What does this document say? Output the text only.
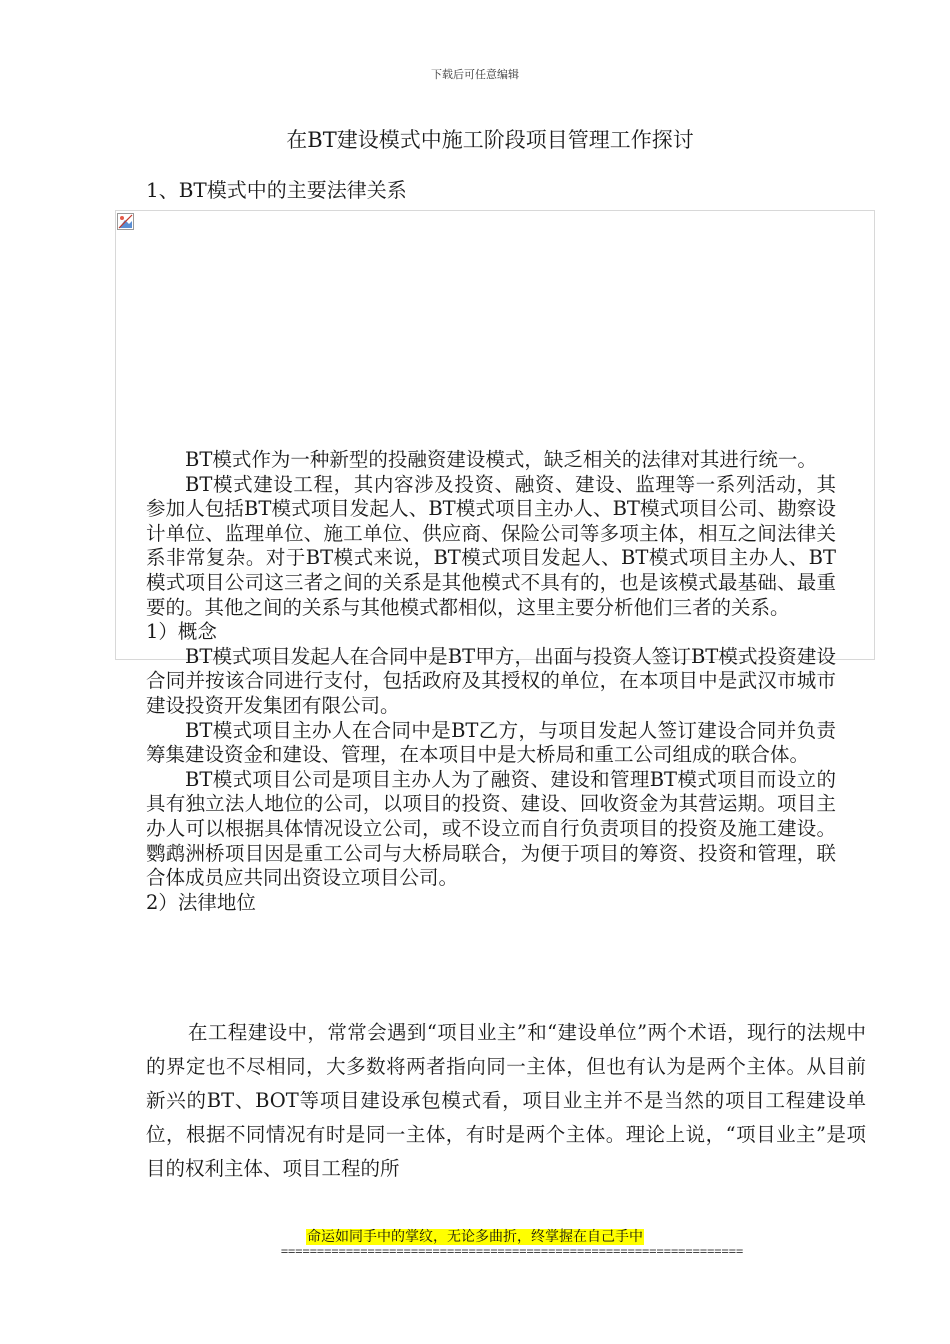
下载后可任意编辑
在BT建设模式中施工阶段项目管理工作探讨
1、BT模式中的主要法律关系

BT模式作为一种新型的投融资建设模式，缺乏相关的法律对其进行统一。

BT模式建设工程，其内容涉及投资、融资、建设、监理等一系列活动，其参加人包括BT模式项目发起人、BT模式项目主办人、BT模式项目公司、勘察设计单位、监理单位、施工单位、供应商、保险公司等多项主体，相互之间法律关系非常复杂。对于BT模式来说，BT模式项目发起人、BT模式项目主办人、BT模式项目公司这三者之间的关系是其他模式不具有的，也是该模式最基础、最重要的。其他之间的关系与其他模式都相似，这里主要分析他们三者的关系。

1）概念

BT模式项目发起人在合同中是BT甲方，出面与投资人签订BT模式投资建设合同并按该合同进行支付，包括政府及其授权的单位，在本项目中是武汉市城市建设投资开发集团有限公司。

BT模式项目主办人在合同中是BT乙方，与项目发起人签订建设合同并负责筹集建设资金和建设、管理，在本项目中是大桥局和重工公司组成的联合体。

BT模式项目公司是项目主办人为了融资、建设和管理BT模式项目而设立的具有独立法人地位的公司，以项目的投资、建设、回收资金为其营运期。项目主办人可以根据具体情况设立公司，或不设立而自行负责项目的投资及施工建设。鹦鹉洲桥项目因是重工公司与大桥局联合，为便于项目的筹资、投资和管理，联合体成员应共同出资设立项目公司。

2）法律地位

在工程建设中，常常会遇到“项目业主”和“建设单位”两个术语，现行的法规中的界定也不尽相同，大多数将两者指向同一主体，但也有认为是两个主体。从目前新兴的BT、BOT等项目建设承包模式看，项目业主并不是当然的项目工程建设单位，根据不同情况有时是同一主体，有时是两个主体。理论上说，“项目业主”是项目的权利主体、项目工程的所

命运如同手中的掌纹，无论多曲折，终掌握在自己手中
================================================================
